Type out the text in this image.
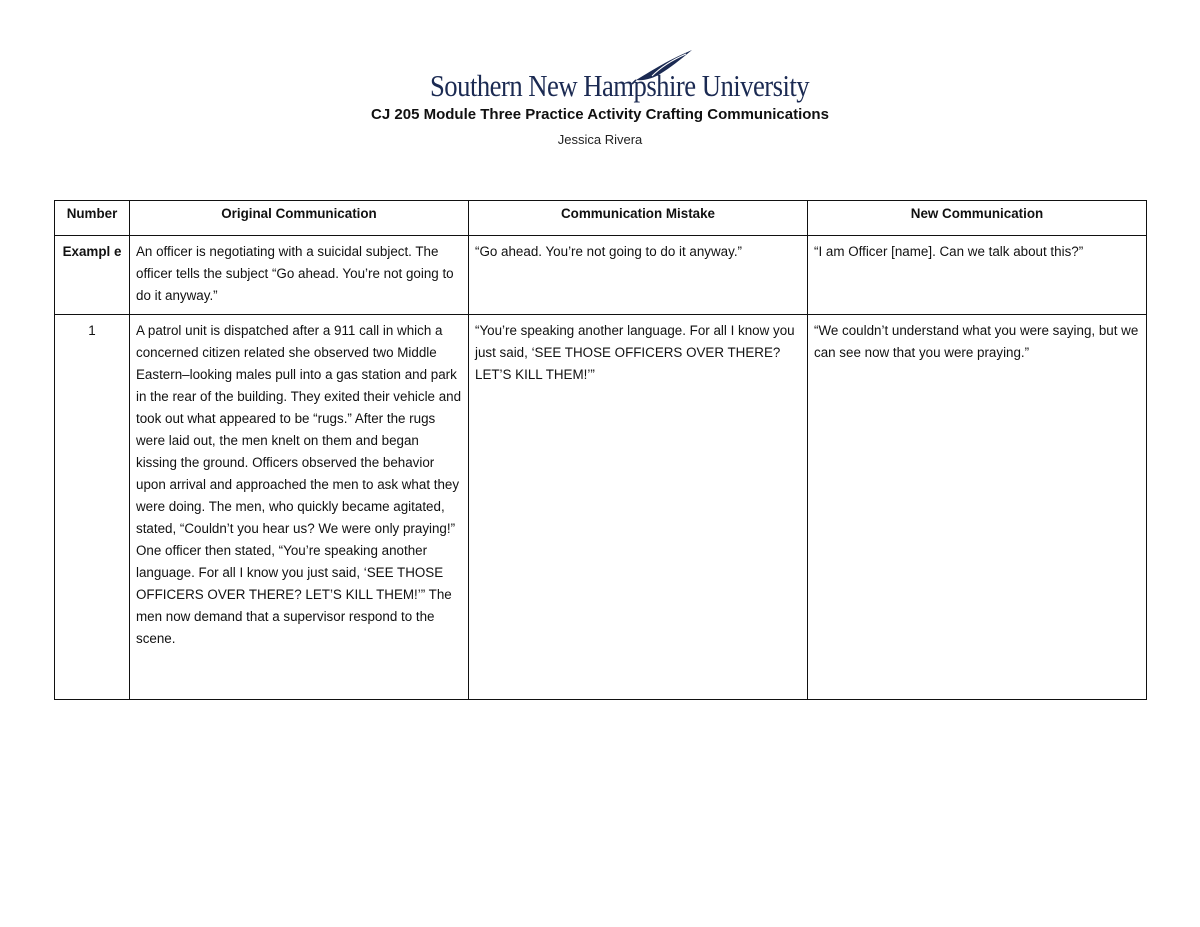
Southern New Hampshire University
CJ 205 Module Three Practice Activity Crafting Communications
Jessica Rivera
Number	Original Communication	Communication Mistake	New Communication
Exampl e	An officer is negotiating with a suicidal subject. The officer tells the subject “Go ahead. You’re not going to do it anyway.”	“Go ahead. You’re not going to do it anyway.”	“I am Officer [name]. Can we talk about this?”
1	A patrol unit is dispatched after a 911 call in which a concerned citizen related she observed two Middle Eastern–looking males pull into a gas station and park in the rear of the building. They exited their vehicle and took out what appeared to be “rugs.” After the rugs were laid out, the men knelt on them and began kissing the ground. Officers observed the behavior upon arrival and approached the men to ask what they were doing. The men, who quickly became agitated, stated, “Couldn’t you hear us? We were only praying!” One officer then stated, “You’re speaking another language. For all I know you just said, ‘SEE THOSE OFFICERS OVER THERE? LET’S KILL THEM!’” The men now demand that a supervisor respond to the scene.	“You’re speaking another language. For all I know you just said, ‘SEE THOSE OFFICERS OVER THERE? LET’S KILL THEM!’”	“We couldn’t understand what you were saying, but we can see now that you were praying.”
